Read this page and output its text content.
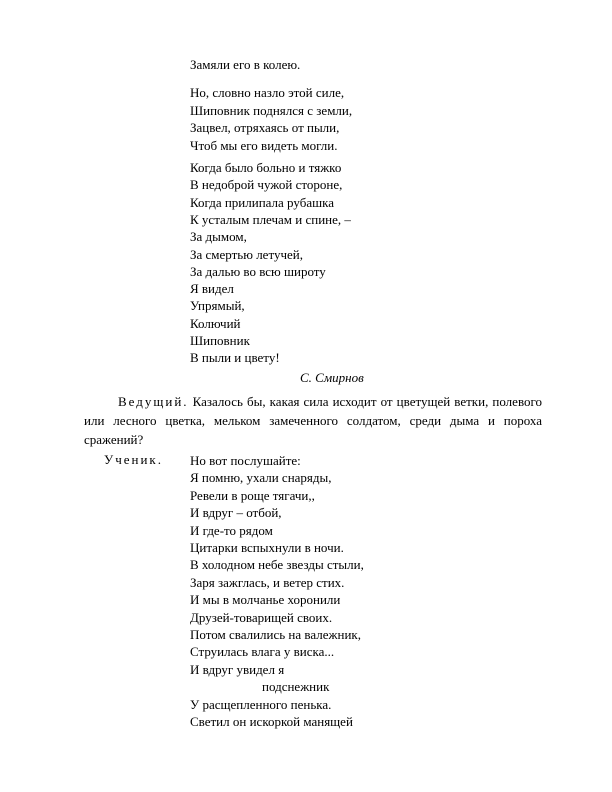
Замяли его в колею.
Но, словно назло этой силе,
Шиповник поднялся с земли,
Зацвел, отряхаясь от пыли,
Чтоб мы его видеть могли.
Когда было больно и тяжко
В недоброй чужой стороне,
Когда прилипала рубашка
К усталым плечам и спине, –
За дымом,
За смертью летучей,
За далью во всю широту
Я видел
Упрямый,
Колючий
Шиповник
В пыли и цвету!
С. Смирнов

Ведущий. Казалось бы, какая сила исходит от цветущей ветки, полевого или лесного цветка, мельком замеченного солдатом, среди дыма и пороха сражений?

Ученик. Но вот послушайте:
Я помню, ухали снаряды,
Ревели в роще тягачи,,
И вдруг – отбой,
И где-то рядом
Цитарки вспыхнули в ночи.
В холодном небе звезды стыли,
Заря зажглась, и ветер стих.
И мы в молчанье хоронили
Друзей-товарищей своих.
Потом свалились на валежник,
Струилась влага у виска...
И вдруг увидел я
подснежник
У расщепленного пенька.
Светил он искоркой манящей
